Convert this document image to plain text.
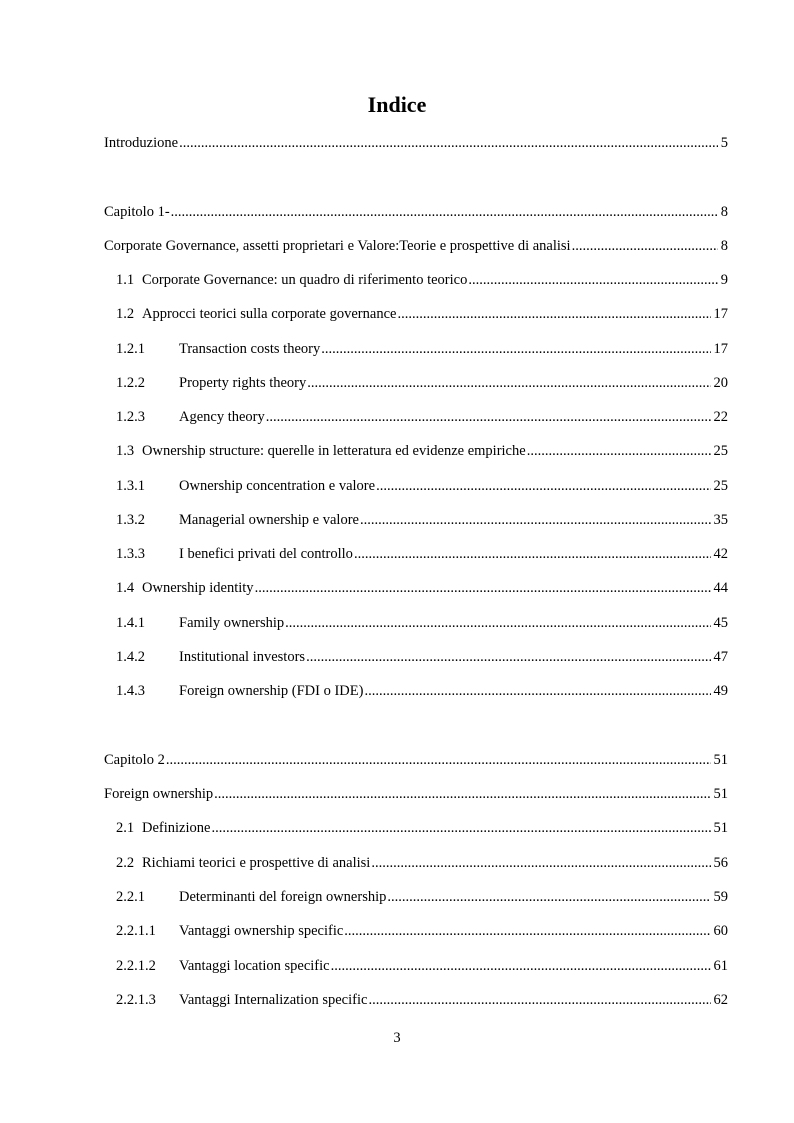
Indice
Introduzione .....	5
Capitolo 1- .....	8
Corporate Governance, assetti proprietari e Valore:Teorie e prospettive di analisi .....	8
1.1 Corporate Governance: un quadro di riferimento teorico .....	9
1.2 Approcci teorici sulla corporate governance .....	17
1.2.1	Transaction costs theory .....	17
1.2.2	Property rights theory .....	20
1.2.3	Agency theory .....	22
1.3 Ownership structure: querelle in letteratura ed evidenze empiriche .....	25
1.3.1	Ownership concentration e valore .....	25
1.3.2	Managerial ownership e valore .....	35
1.3.3	I benefici privati del controllo .....	42
1.4 Ownership identity .....	44
1.4.1	Family ownership .....	45
1.4.2	Institutional investors .....	47
1.4.3	Foreign ownership (FDI o IDE) .....	49
Capitolo 2 .....	51
Foreign ownership .....	51
2.1 Definizione .....	51
2.2 Richiami teorici e prospettive di analisi .....	56
2.2.1	Determinanti del foreign ownership .....	59
2.2.1.1	Vantaggi ownership specific .....	60
2.2.1.2	Vantaggi location specific .....	61
2.2.1.3	Vantaggi Internalization specific .....	62
3
